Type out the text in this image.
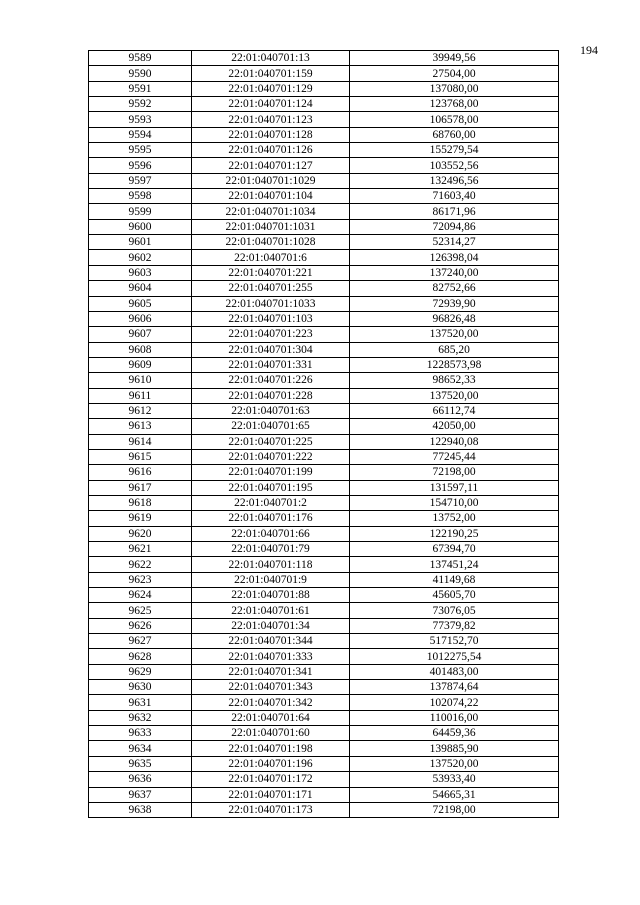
194
9589	22:01:040701:13	39949,56
9590	22:01:040701:159	27504,00
9591	22:01:040701:129	137080,00
9592	22:01:040701:124	123768,00
9593	22:01:040701:123	106578,00
9594	22:01:040701:128	68760,00
9595	22:01:040701:126	155279,54
9596	22:01:040701:127	103552,56
9597	22:01:040701:1029	132496,56
9598	22:01:040701:104	71603,40
9599	22:01:040701:1034	86171,96
9600	22:01:040701:1031	72094,86
9601	22:01:040701:1028	52314,27
9602	22:01:040701:6	126398,04
9603	22:01:040701:221	137240,00
9604	22:01:040701:255	82752,66
9605	22:01:040701:1033	72939,90
9606	22:01:040701:103	96826,48
9607	22:01:040701:223	137520,00
9608	22:01:040701:304	685,20
9609	22:01:040701:331	1228573,98
9610	22:01:040701:226	98652,33
9611	22:01:040701:228	137520,00
9612	22:01:040701:63	66112,74
9613	22:01:040701:65	42050,00
9614	22:01:040701:225	122940,08
9615	22:01:040701:222	77245,44
9616	22:01:040701:199	72198,00
9617	22:01:040701:195	131597,11
9618	22:01:040701:2	154710,00
9619	22:01:040701:176	13752,00
9620	22:01:040701:66	122190,25
9621	22:01:040701:79	67394,70
9622	22:01:040701:118	137451,24
9623	22:01:040701:9	41149,68
9624	22:01:040701:88	45605,70
9625	22:01:040701:61	73076,05
9626	22:01:040701:34	77379,82
9627	22:01:040701:344	517152,70
9628	22:01:040701:333	1012275,54
9629	22:01:040701:341	401483,00
9630	22:01:040701:343	137874,64
9631	22:01:040701:342	102074,22
9632	22:01:040701:64	110016,00
9633	22:01:040701:60	64459,36
9634	22:01:040701:198	139885,90
9635	22:01:040701:196	137520,00
9636	22:01:040701:172	53933,40
9637	22:01:040701:171	54665,31
9638	22:01:040701:173	72198,00
